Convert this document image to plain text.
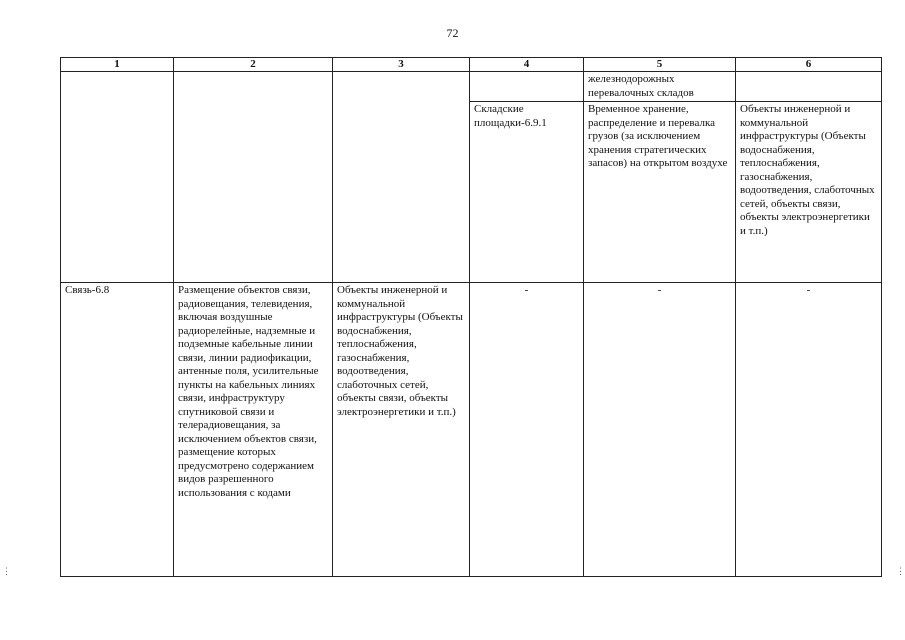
72
1	2	3	4	5	6
				железнодорожных перевалочных складов	
			Складские площадки-6.9.1	Временное хранение, распределение и перевалка грузов (за исключением хранения стратегических запасов) на открытом воздухе	Объекты инженерной и коммунальной инфраструктуры (Объекты водоснабжения, теплоснабжения, газоснабжения, водоотведения, слаботочных сетей, объекты связи, объекты электроэнергетики и т.п.)
Связь-6.8	Размещение объектов связи, радиовещания, телевидения, включая воздушные радиорелейные, надземные и подземные кабельные линии связи, линии радиофикации, антенные поля, усилительные пункты на кабельных линиях связи, инфраструктуру спутниковой связи и телерадиовещания, за исключением объектов связи, размещение которых предусмотрено содержанием видов разрешенного использования с кодами	Объекты инженерной и коммунальной инфраструктуры (Объекты водоснабжения, теплоснабжения, газоснабжения, водоотведения, слаботочных сетей, объекты связи, объекты электроэнергетики и т.п.)	-	-	-
⋮	⋮
